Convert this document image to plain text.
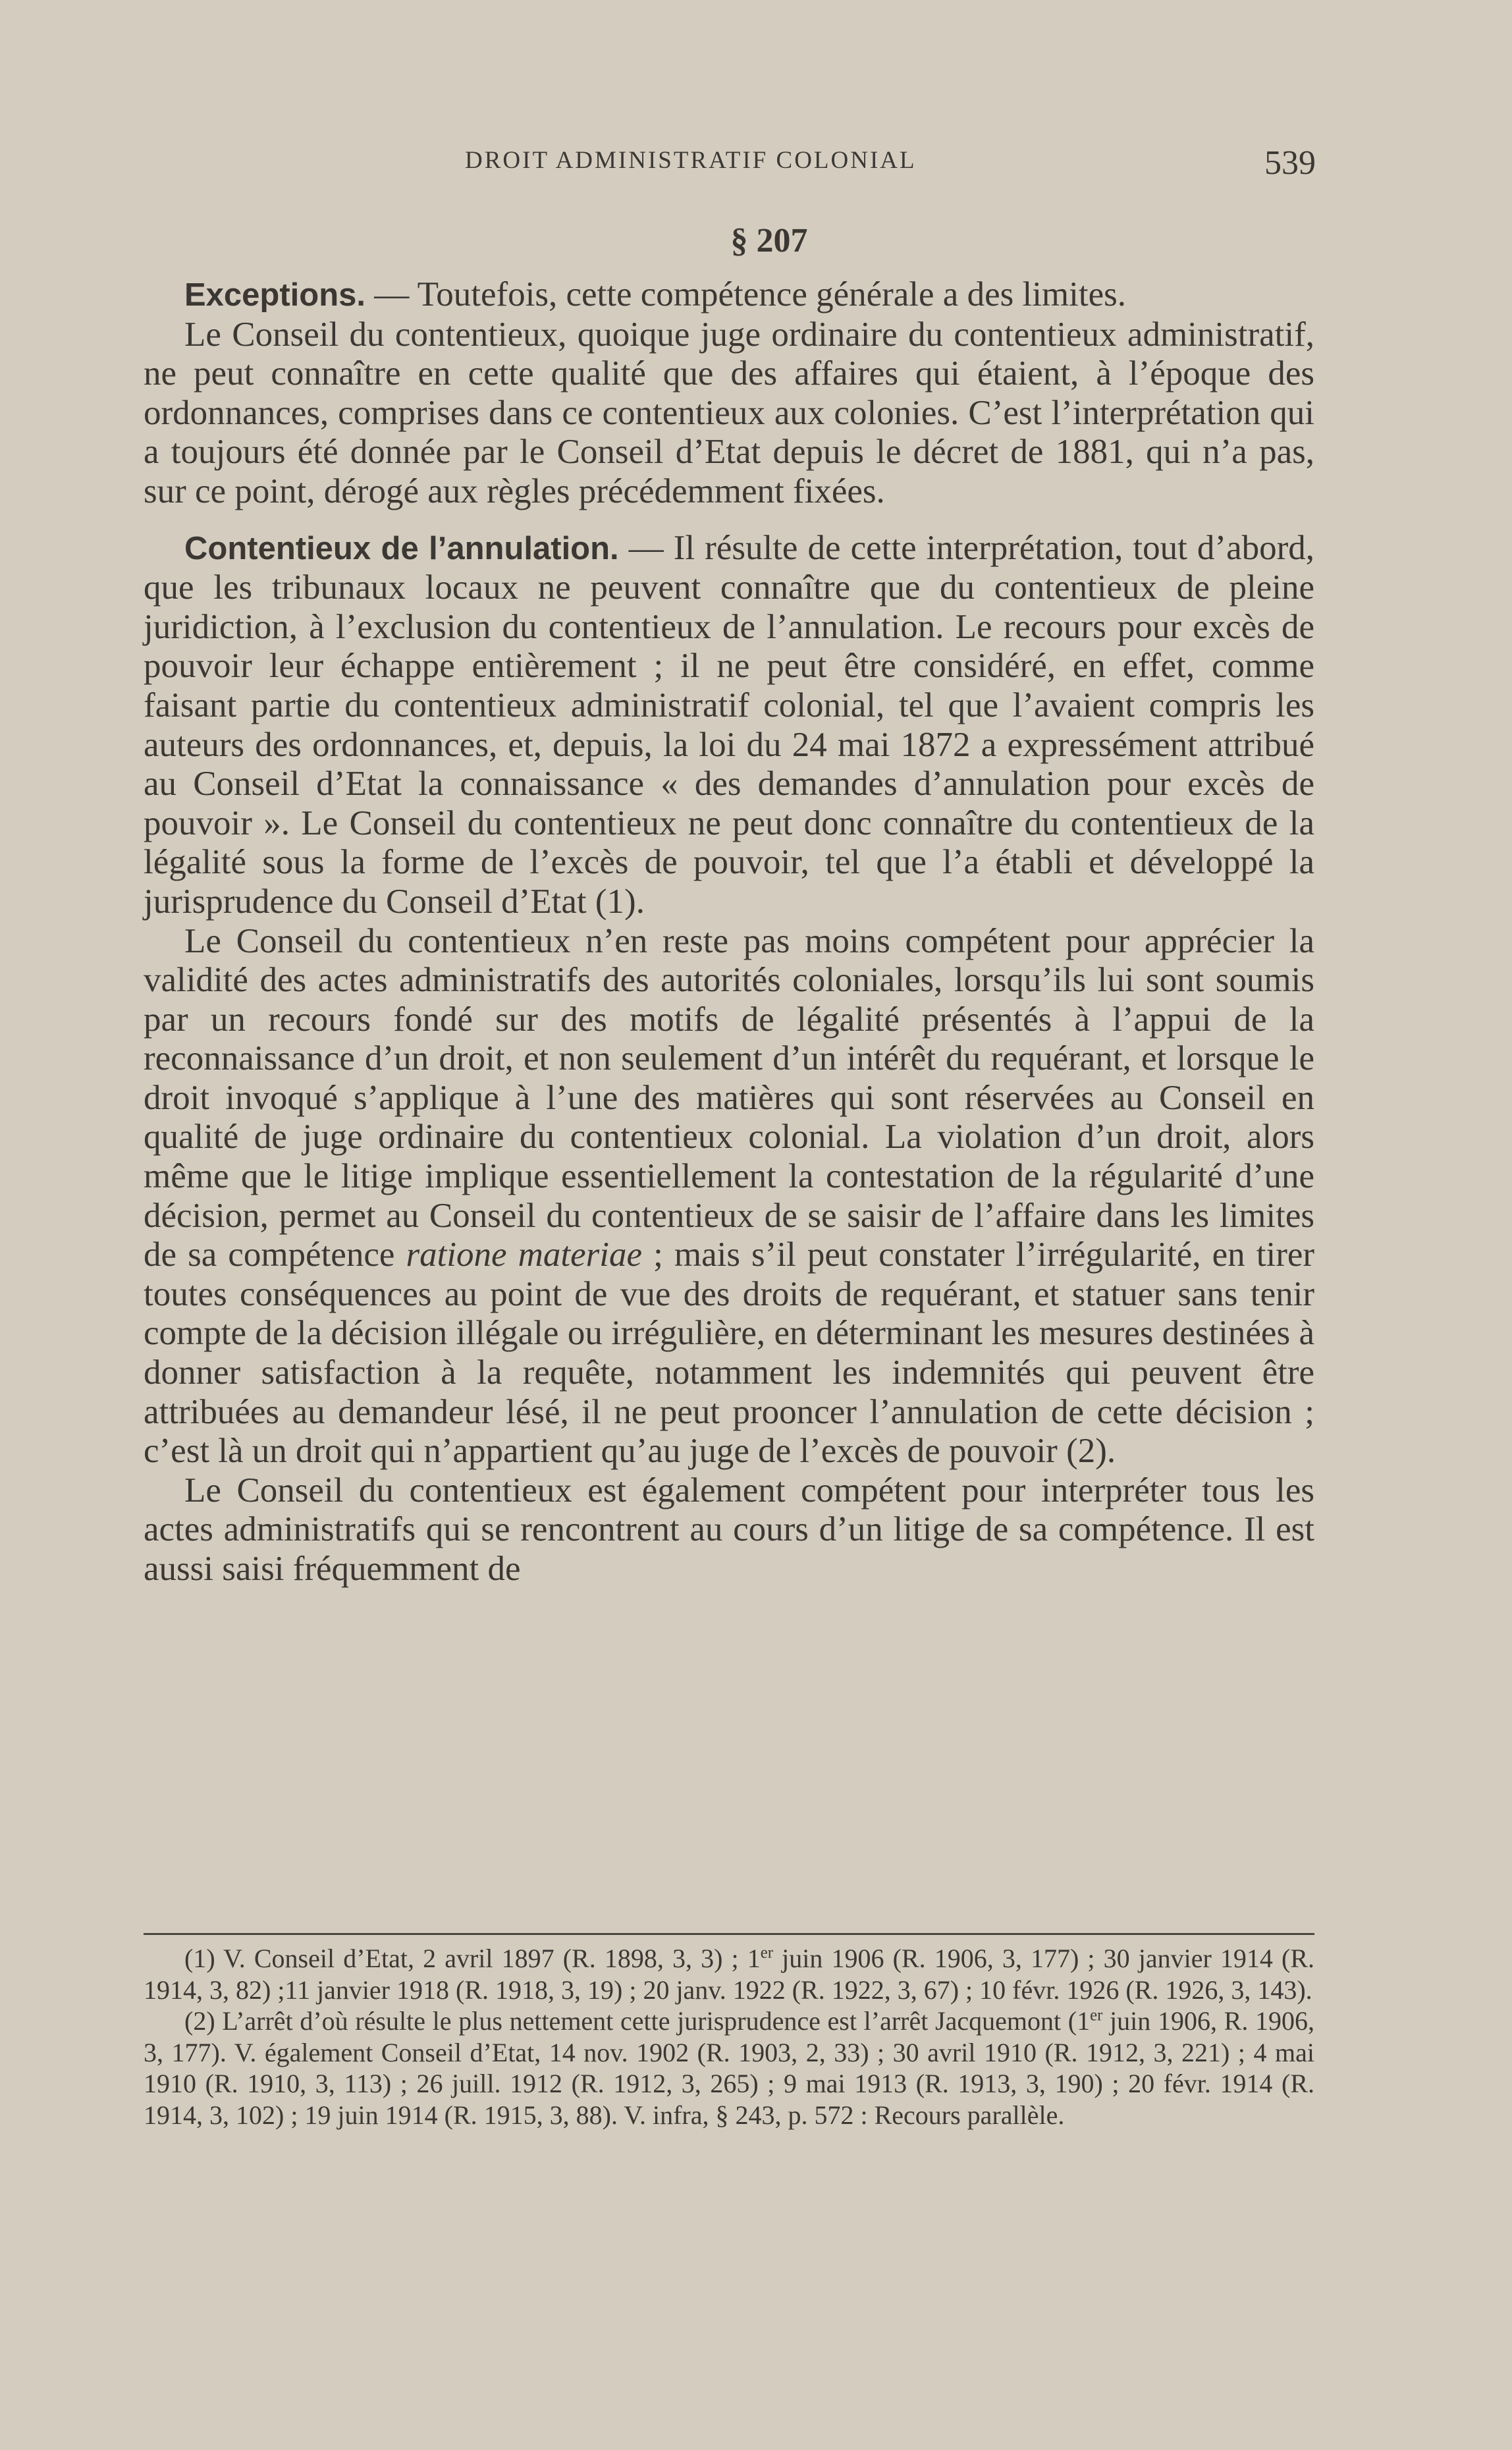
DROIT ADMINISTRATIF COLONIAL	539
§ 207

Exceptions. — Toutefois, cette compétence générale a des limites.

Le Conseil du contentieux, quoique juge ordinaire du contentieux administratif, ne peut connaître en cette qualité que des affaires qui étaient, à l’époque des ordonnances, comprises dans ce contentieux aux colonies. C’est l’interprétation qui a toujours été donnée par le Conseil d’Etat depuis le décret de 1881, qui n’a pas, sur ce point, dérogé aux règles précédemment fixées.

Contentieux de l’annulation. — Il résulte de cette interprétation, tout d’abord, que les tribunaux locaux ne peuvent connaître que du contentieux de pleine juridiction, à l’exclusion du contentieux de l’annulation. Le recours pour excès de pouvoir leur échappe entièrement ; il ne peut être considéré, en effet, comme faisant partie du contentieux administratif colonial, tel que l’avaient compris les auteurs des ordonnances, et, depuis, la loi du 24 mai 1872 a expressément attribué au Conseil d’Etat la connaissance « des demandes d’annulation pour excès de pouvoir ». Le Conseil du contentieux ne peut donc connaître du contentieux de la légalité sous la forme de l’excès de pouvoir, tel que l’a établi et développé la jurisprudence du Conseil d’Etat (1).

Le Conseil du contentieux n’en reste pas moins compétent pour apprécier la validité des actes administratifs des autorités coloniales, lorsqu’ils lui sont soumis par un recours fondé sur des motifs de légalité présentés à l’appui de la reconnaissance d’un droit, et non seulement d’un intérêt du requérant, et lorsque le droit invoqué s’applique à l’une des matières qui sont réservées au Conseil en qualité de juge ordinaire du contentieux colonial. La violation d’un droit, alors même que le litige implique essentiellement la contestation de la régularité d’une décision, permet au Conseil du contentieux de se saisir de l’affaire dans les limites de sa compétence ratione materiae ; mais s’il peut constater l’irrégularité, en tirer toutes conséquences au point de vue des droits de requérant, et statuer sans tenir compte de la décision illégale ou irrégulière, en déterminant les mesures destinées à donner satisfaction à la requête, notamment les indemnités qui peuvent être attribuées au demandeur lésé, il ne peut prooncer l’annulation de cette décision ; c’est là un droit qui n’appartient qu’au juge de l’excès de pouvoir (2).

Le Conseil du contentieux est également compétent pour interpréter tous les actes administratifs qui se rencontrent au cours d’un litige de sa compétence. Il est aussi saisi fréquemment de

(1) V. Conseil d’Etat, 2 avril 1897 (R. 1898, 3, 3) ; 1er juin 1906 (R. 1906, 3, 177) ; 30 janvier 1914 (R. 1914, 3, 82) ;11 janvier 1918 (R. 1918, 3, 19) ; 20 janv. 1922 (R. 1922, 3, 67) ; 10 févr. 1926 (R. 1926, 3, 143).

(2) L’arrêt d’où résulte le plus nettement cette jurisprudence est l’arrêt Jacquemont (1er juin 1906, R. 1906, 3, 177). V. également Conseil d’Etat, 14 nov. 1902 (R. 1903, 2, 33) ; 30 avril 1910 (R. 1912, 3, 221) ; 4 mai 1910 (R. 1910, 3, 113) ; 26 juill. 1912 (R. 1912, 3, 265) ; 9 mai 1913 (R. 1913, 3, 190) ; 20 févr. 1914 (R. 1914, 3, 102) ; 19 juin 1914 (R. 1915, 3, 88). V. infra, § 243, p. 572 : Recours parallèle.
